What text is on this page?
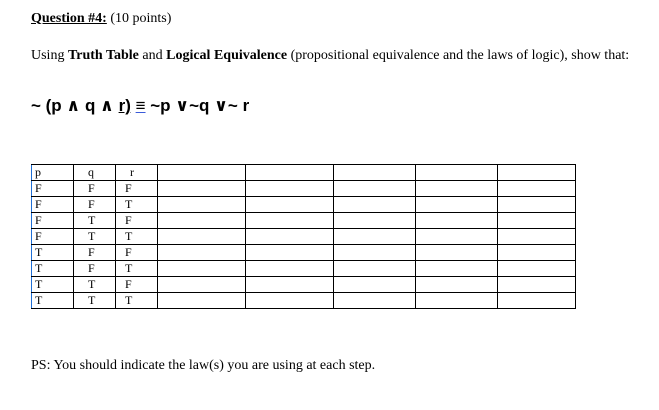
Question #4: (10 points)
Using Truth Table and Logical Equivalence (propositional equivalence and the laws of logic), show that:
~ (p ∧ q ∧ r) ≡ ~p ∨~q ∨~ r
p	q	r					
F	F	F					
F	F	T					
F	T	F					
F	T	T					
T	F	F					
T	F	T					
T	T	F					
T	T	T					
PS: You should indicate the law(s) you are using at each step.
